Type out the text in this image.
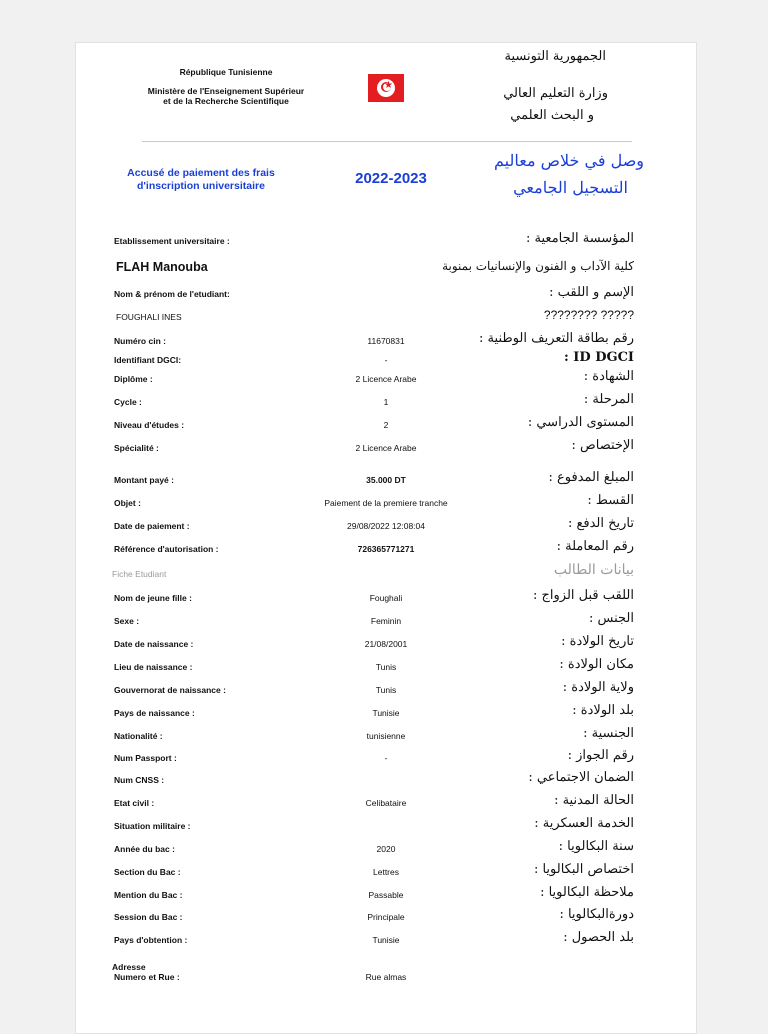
République Tunisienne
Ministère de l'Enseignement Supérieur
et de la Recherche Scientifique
★
الجمهورية التونسية
وزارة التعليم العالي
و البحث العلمي
Accusé de paiement des frais
d'inscription universitaire	2022-2023
وصل في خلاص معاليم
التسجيل الجامعي
Etablissement universitaire :	المؤسسة الجامعية :
FLAH Manouba	كلية الآداب و الفنون والإنسانيات بمنوبة
Nom & prénom de l'etudiant:	الإسم و اللقب :
FOUGHALI INES	???????? ?????
Numéro cin :	11670831	رقم بطاقة التعريف الوطنية :
Identifiant DGCI:	-	: ID DGCI
Diplôme :	2 Licence Arabe	الشهادة :
Cycle :	1	المرحلة :
Niveau d'études :	2	المستوى الدراسي :
Spécialité :	2 Licence Arabe	الإختصاص :
Montant payé :	35.000 DT	المبلغ المدفوع :
Objet :	Paiement de la premiere tranche	القسط :
Date de paiement :	29/08/2022 12:08:04	تاريخ الدفع :
Référence d'autorisation :	726365771271	رقم المعاملة :
Fiche Etudiant	بيانات الطالب
Nom de jeune fille :	Foughali	اللقب قبل الزواج :
Sexe :	Feminin	الجنس :
Date de naissance :	21/08/2001	تاريخ الولادة :
Lieu de naissance :	Tunis	مكان الولادة :
Gouvernorat de naissance :	Tunis	ولاية الولادة :
Pays de naissance :	Tunisie	بلد الولادة :
Nationalité :	tunisienne	الجنسية :
Num Passport :	-	رقم الجواز :
Num CNSS :	الضمان الاجتماعي :
Etat civil :	Celibataire	الحالة المدنية :
Situation militaire :	الخدمة العسكرية :
Année du bac :	2020	سنة البكالويا :
Section du Bac :	Lettres	اختصاص البكالويا :
Mention du Bac :	Passable	ملاحظة البكالويا :
Session du Bac :	Principale	دورةالبكالويا :
Pays d'obtention :	Tunisie	بلد الحصول :
Adresse
Numero et Rue :	Rue almas
